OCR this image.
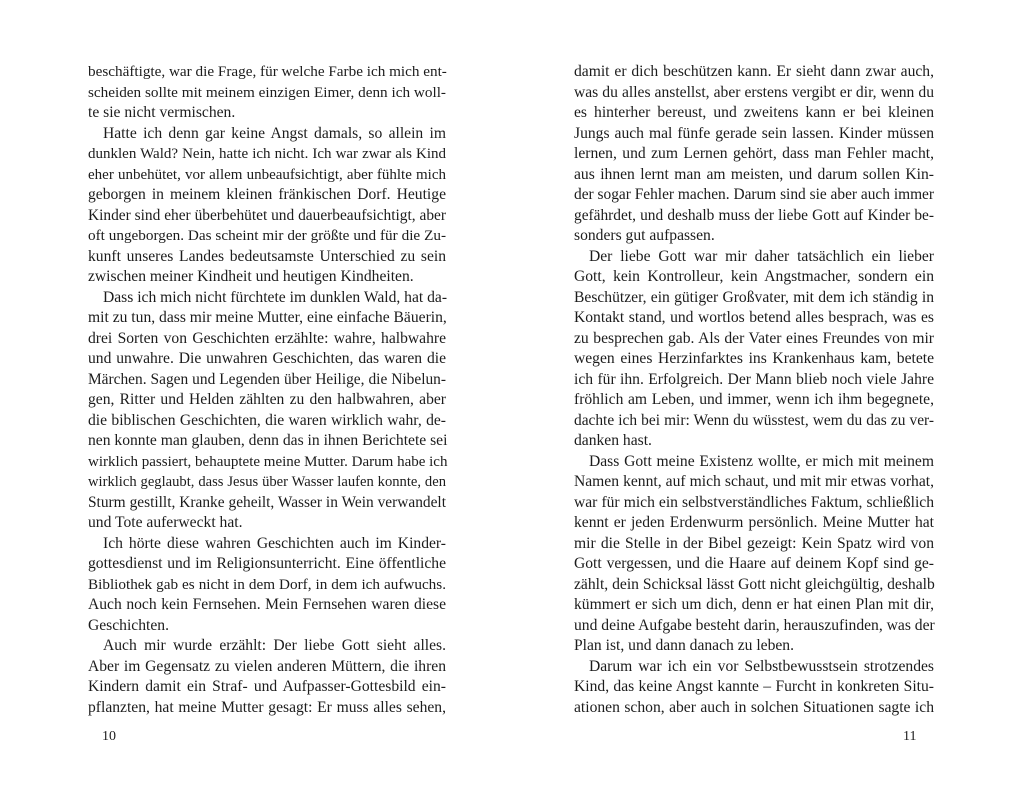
beschäftigte, war die Frage, für welche Farbe ich mich ent-
scheiden sollte mit meinem einzigen Eimer, denn ich woll-
te sie nicht vermischen.
Hatte ich denn gar keine Angst damals, so allein im
dunklen Wald? Nein, hatte ich nicht. Ich war zwar als Kind
eher unbehütet, vor allem unbeaufsichtigt, aber fühlte mich
geborgen in meinem kleinen fränkischen Dorf. Heutige
Kinder sind eher überbehütet und dauerbeaufsichtigt, aber
oft ungeborgen. Das scheint mir der größte und für die Zu-
kunft unseres Landes bedeutsamste Unterschied zu sein
zwischen meiner Kindheit und heutigen Kindheiten.
Dass ich mich nicht fürchtete im dunklen Wald, hat da-
mit zu tun, dass mir meine Mutter, eine einfache Bäuerin,
drei Sorten von Geschichten erzählte: wahre, halbwahre
und unwahre. Die unwahren Geschichten, das waren die
Märchen. Sagen und Legenden über Heilige, die Nibelun-
gen, Ritter und Helden zählten zu den halbwahren, aber
die biblischen Geschichten, die waren wirklich wahr, de-
nen konnte man glauben, denn das in ihnen Berichtete sei
wirklich passiert, behauptete meine Mutter. Darum habe ich
wirklich geglaubt, dass Jesus über Wasser laufen konnte, den
Sturm gestillt, Kranke geheilt, Wasser in Wein verwandelt
und Tote auferweckt hat.
Ich hörte diese wahren Geschichten auch im Kinder-
gottesdienst und im Religionsunterricht. Eine öffentliche
Bibliothek gab es nicht in dem Dorf, in dem ich aufwuchs.
Auch noch kein Fernsehen. Mein Fernsehen waren diese
Geschichten.
Auch mir wurde erzählt: Der liebe Gott sieht alles.
Aber im Gegensatz zu vielen anderen Müttern, die ihren
Kindern damit ein Straf- und Aufpasser-Gottesbild ein-
pflanzten, hat meine Mutter gesagt: Er muss alles sehen,
10
damit er dich beschützen kann. Er sieht dann zwar auch,
was du alles anstellst, aber erstens vergibt er dir, wenn du
es hinterher bereust, und zweitens kann er bei kleinen
Jungs auch mal fünfe gerade sein lassen. Kinder müssen
lernen, und zum Lernen gehört, dass man Fehler macht,
aus ihnen lernt man am meisten, und darum sollen Kin-
der sogar Fehler machen. Darum sind sie aber auch immer
gefährdet, und deshalb muss der liebe Gott auf Kinder be-
sonders gut aufpassen.
Der liebe Gott war mir daher tatsächlich ein lieber
Gott, kein Kontrolleur, kein Angstmacher, sondern ein
Beschützer, ein gütiger Großvater, mit dem ich ständig in
Kontakt stand, und wortlos betend alles besprach, was es
zu besprechen gab. Als der Vater eines Freundes von mir
wegen eines Herzinfarktes ins Krankenhaus kam, betete
ich für ihn. Erfolgreich. Der Mann blieb noch viele Jahre
fröhlich am Leben, und immer, wenn ich ihm begegnete,
dachte ich bei mir: Wenn du wüsstest, wem du das zu ver-
danken hast.
Dass Gott meine Existenz wollte, er mich mit meinem
Namen kennt, auf mich schaut, und mit mir etwas vorhat,
war für mich ein selbstverständliches Faktum, schließlich
kennt er jeden Erdenwurm persönlich. Meine Mutter hat
mir die Stelle in der Bibel gezeigt: Kein Spatz wird von
Gott vergessen, und die Haare auf deinem Kopf sind ge-
zählt, dein Schicksal lässt Gott nicht gleichgültig, deshalb
kümmert er sich um dich, denn er hat einen Plan mit dir,
und deine Aufgabe besteht darin, herauszufinden, was der
Plan ist, und dann danach zu leben.
Darum war ich ein vor Selbstbewusstsein strotzendes
Kind, das keine Angst kannte – Furcht in konkreten Situ-
ationen schon, aber auch in solchen Situationen sagte ich
11
